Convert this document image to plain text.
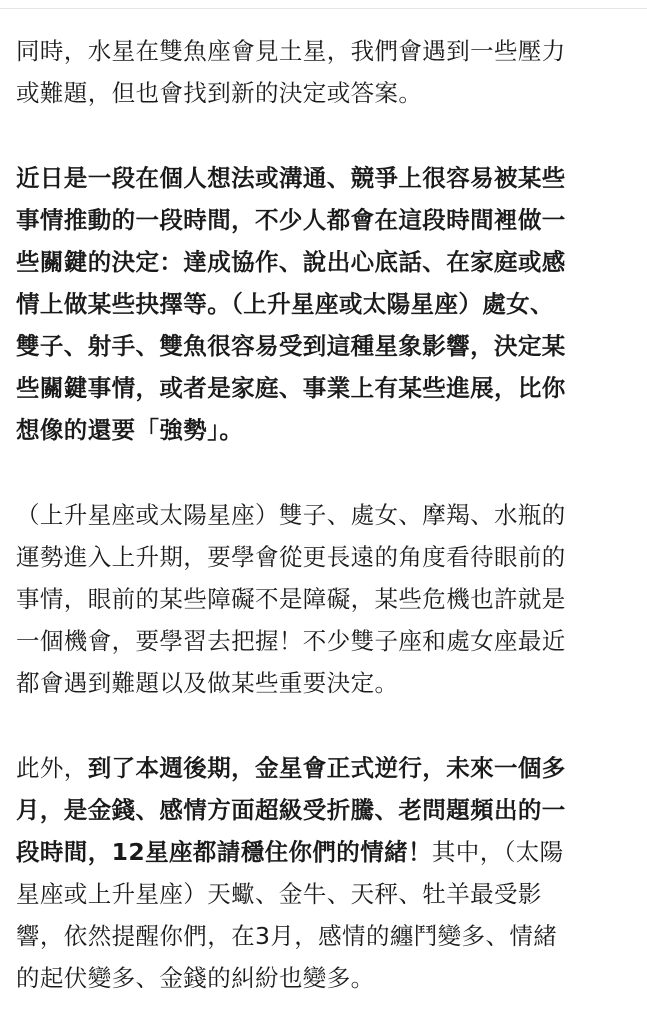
同時，水星在雙魚座會見土星，我們會遇到一些壓力
或難題，但也會找到新的決定或答案。
近日是一段在個人想法或溝通、競爭上很容易被某些
事情推動的一段時間，不少人都會在這段時間裡做一
些關鍵的決定：達成協作、說出心底話、在家庭或感
情上做某些抉擇等。（上升星座或太陽星座）處女、
雙子、射手、雙魚很容易受到這種星象影響，決定某
些關鍵事情，或者是家庭、事業上有某些進展，比你
想像的還要「強勢」。
（上升星座或太陽星座）雙子、處女、摩羯、水瓶的
運勢進入上升期，要學會從更長遠的角度看待眼前的
事情，眼前的某些障礙不是障礙，某些危機也許就是
一個機會，要學習去把握！不少雙子座和處女座最近
都會遇到難題以及做某些重要決定。
此外，到了本週後期，金星會正式逆行，未來一個多
月，是金錢、感情方面超級受折騰、老問題頻出的一
段時間，12星座都請穩住你們的情緒！其中，（太陽
星座或上升星座）天蠍、金牛、天秤、牡羊最受影
響，依然提醒你們，在3月，感情的纏鬥變多、情緒
的起伏變多、金錢的糾紛也變多。
